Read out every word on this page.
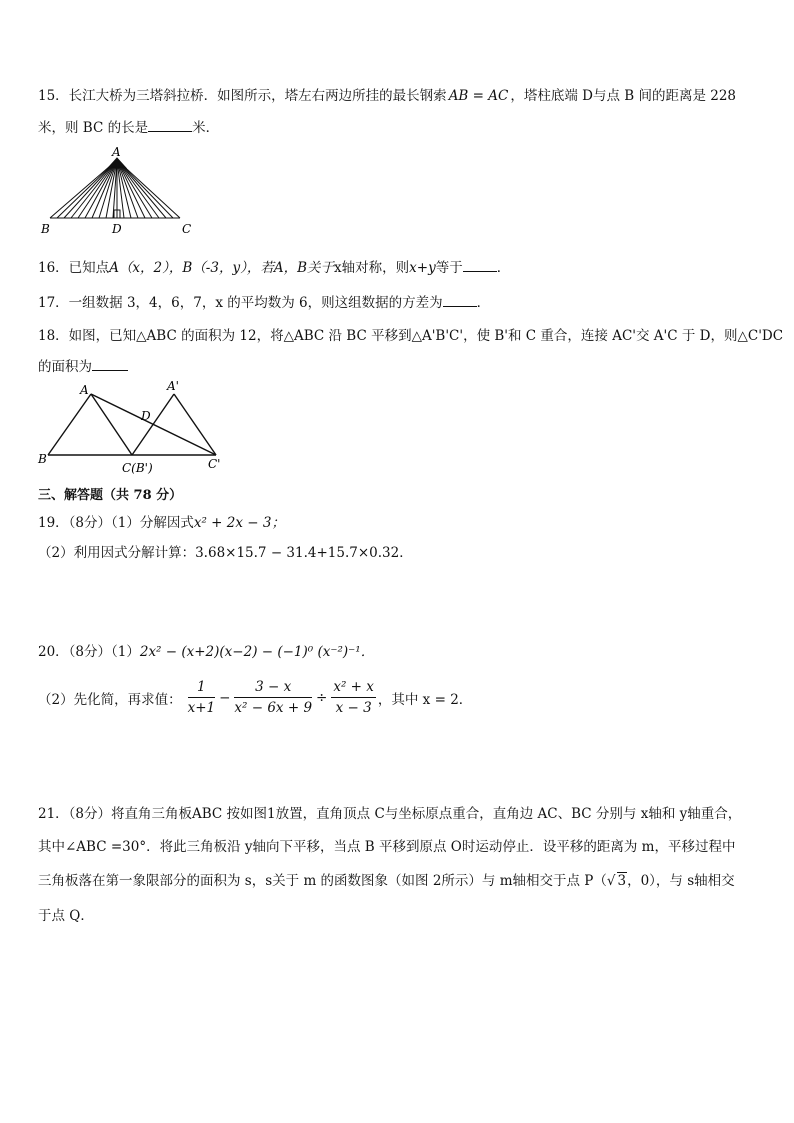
15．长江大桥为三塔斜拉桥．如图所示，塔左右两边所挂的最长钢索 AB = AC ，塔柱底端 D与点 B 间的距离是 228
米，则 BC 的长是	米．
A
B	D	C
16．已知点A（x，2），B（-3，y），若A，B关于x轴对称，则x+y等于	．
17．一组数据 3，4，6，7，x 的平均数为 6，则这组数据的方差为	．
18．如图，已知△ABC 的面积为 12，将△ABC 沿 BC 平移到△A'B'C'，使 B'和 C 重合，连接 AC'交 A'C 于 D，则△C'DC
的面积为
A	A'
D
B
C(B')	C'
三、解答题（共 78 分）
19．（8分）（1）分解因式x² + 2x − 3；
（2）利用因式分解计算：3.68×15.7 − 31.4+15.7×0.32．
20．（8分）（1）2x² − (x+2)(x−2) − (−1)⁰ (x⁻²)⁻¹．
（2）先化简，再求值： $\frac{1}{x+1} - \frac{3 - x}{\text{x² − 6x + 9}} \div \frac{\text{x² + x}}{x - 3}$ ，其中 x = 2．
21．（8分）将直角三角板ABC 按如图1放置，直角顶点 C与坐标原点重合，直角边 AC、BC 分别与 x轴和 y轴重合，
其中∠ABC =30°．将此三角板沿 y轴向下平移，当点 B 平移到原点 O时运动停止．设平移的距离为 m，平移过程中
三角板落在第一象限部分的面积为 s，s关于 m 的函数图象（如图 2所示）与 m轴相交于点 P（√ 3，0），与 s轴相交
于点 Q．
